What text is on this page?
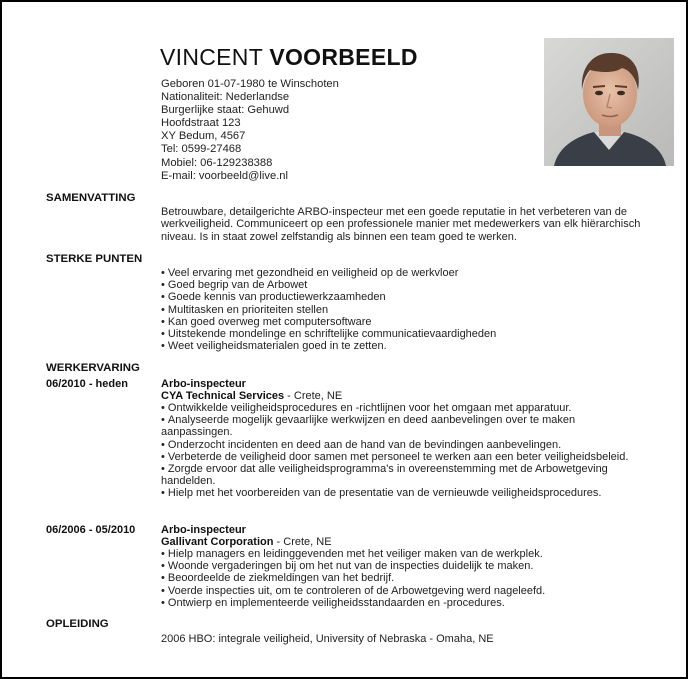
VINCENT VOORBEELD
Geboren 01-07-1980 te Winschoten
Nationaliteit: Nederlandse
Burgerlijke staat: Gehuwd
Hoofdstraat 123
XY Bedum, 4567
Tel: 0599-27468
Mobiel: 06-129238388
E-mail: voorbeeld@live.nl
SAMENVATTING
Betrouwbare, detailgerichte ARBO-inspecteur met een goede reputatie in het verbeteren van de werkveiligheid. Communiceert op een professionele manier met medewerkers van elk hiërarchisch niveau. Is in staat zowel zelfstandig als binnen een team goed te werken.
STERKE PUNTEN
• Veel ervaring met gezondheid en veiligheid op de werkvloer
• Goed begrip van de Arbowet
• Goede kennis van productiewerkzaamheden
• Multitasken en prioriteiten stellen
• Kan goed overweg met computersoftware
• Uitstekende mondelinge en schriftelijke communicatievaardigheden
• Weet veiligheidsmaterialen goed in te zetten.
WERKERVARING
06/2010 - heden	Arbo-inspecteur
CYA Technical Services - Crete, NE
• Ontwikkelde veiligheidsprocedures en -richtlijnen voor het omgaan met apparatuur.
• Analyseerde mogelijk gevaarlijke werkwijzen en deed aanbevelingen over te maken aanpassingen.
• Onderzocht incidenten en deed aan de hand van de bevindingen aanbevelingen.
• Verbeterde de veiligheid door samen met personeel te werken aan een beter veiligheidsbeleid.
• Zorgde ervoor dat alle veiligheidsprogramma's in overeenstemming met de Arbowetgeving handelden.
• Hielp met het voorbereiden van de presentatie van de vernieuwde veiligheidsprocedures.
06/2006 - 05/2010 Arbo-inspecteur
Gallivant Corporation - Crete, NE
• Hielp managers en leidinggevenden met het veiliger maken van de werkplek.
• Woonde vergaderingen bij om het nut van de inspecties duidelijk te maken.
• Beoordeelde de ziekmeldingen van het bedrijf.
• Voerde inspecties uit, om te controleren of de Arbowetgeving werd nageleefd.
• Ontwierp en implementeerde veiligheidsstandaarden en -procedures.
OPLEIDING
2006 HBO: integrale veiligheid, University of Nebraska - Omaha, NE
